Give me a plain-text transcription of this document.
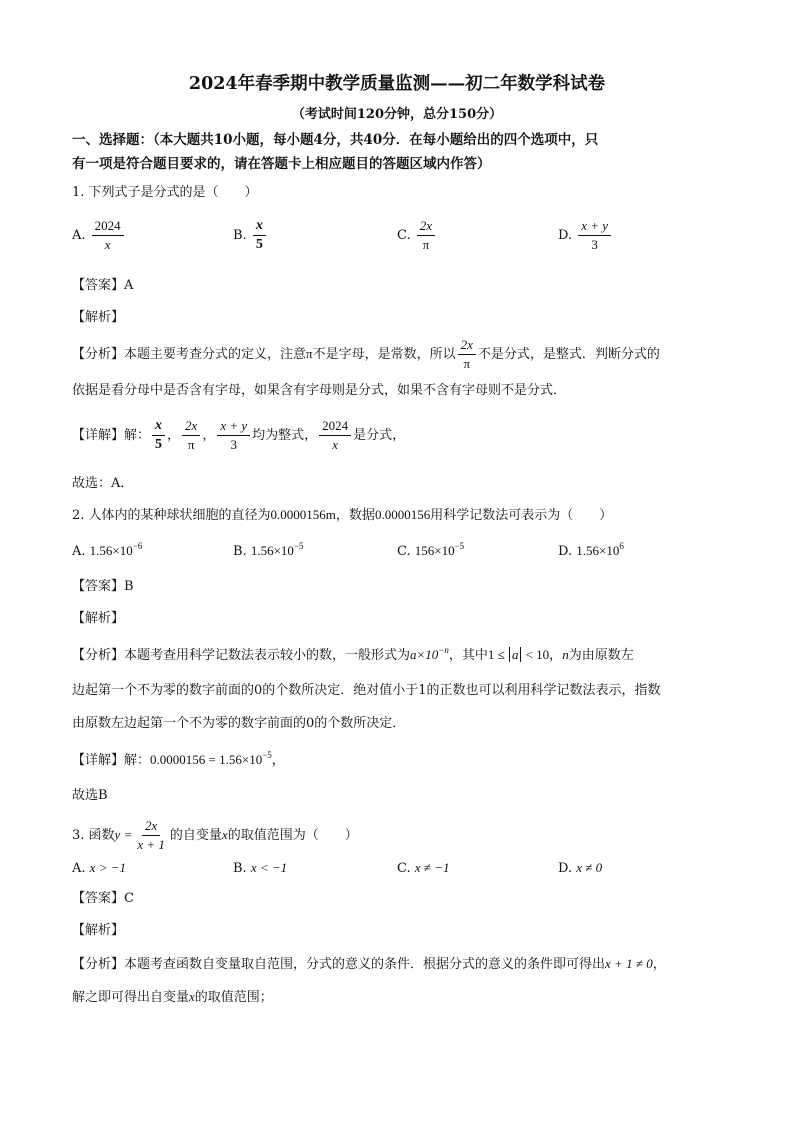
2024年春季期中教学质量监测——初二年数学科试卷
（考试时间120分钟，总分150分）
一、选择题：（本大题共10小题，每小题4分，共40分．在每小题给出的四个选项中，只
有一项是符合题目要求的，请在答题卡上相应题目的答题区域内作答）
1. 下列式子是分式的是（　　）
A. $\frac{2024}{x}$	B. $\frac{x}{5}$	C. $\frac{2x}{\pi}$	D. $\frac{x + y}{3}$
【答案】A
【解析】
【分析】本题主要考查分式的定义，注意π不是字母，是常数，所以 $\frac{2x}{\pi}$ 不是分式，是整式．判断分式的
依据是看分母中是否含有字母，如果含有字母则是分式，如果不含有字母则不是分式．
【详解】解： $\frac{x}{5}$ ， $\frac{2x}{\pi}$ ， $\frac{x + y}{3}$ 均为整式， $\frac{2024}{x}$ 是分式，
故选：A．
2. 人体内的某种球状细胞的直径为0.0000156m，数据0.0000156用科学记数法可表示为（　　）
A. $1.56\times 10^{-6}$	B. $1.56\times 10^{-5}$	C. $156\times 10^{-5}$	D. $1.56\times 10^6$
【答案】B
【解析】
【分析】本题考查用科学记数法表示较小的数，一般形式为$a\times 10^{-n}$，其中1 ≤ a < 10，n为由原数左
边起第一个不为零的数字前面的0的个数所决定．绝对值小于1的正数也可以利用科学记数法表示，指数
由原数左边起第一个不为零的数字前面的0的个数所决定．
【详解】解：$0.0000156 = 1.56\times 10^{-5}$，
故选B
3. 函数$y = \frac{2x}{x + 1}$ 的自变量x的取值范围为（　　）
A. x > −1	B. x < −1	C. x ≠ −1	D. x ≠ 0
【答案】C
【解析】
【分析】本题考查函数自变量取自范围，分式的意义的条件．根据分式的意义的条件即可得出x + 1 ≠ 0，
解之即可得出自变量x的取值范围；
